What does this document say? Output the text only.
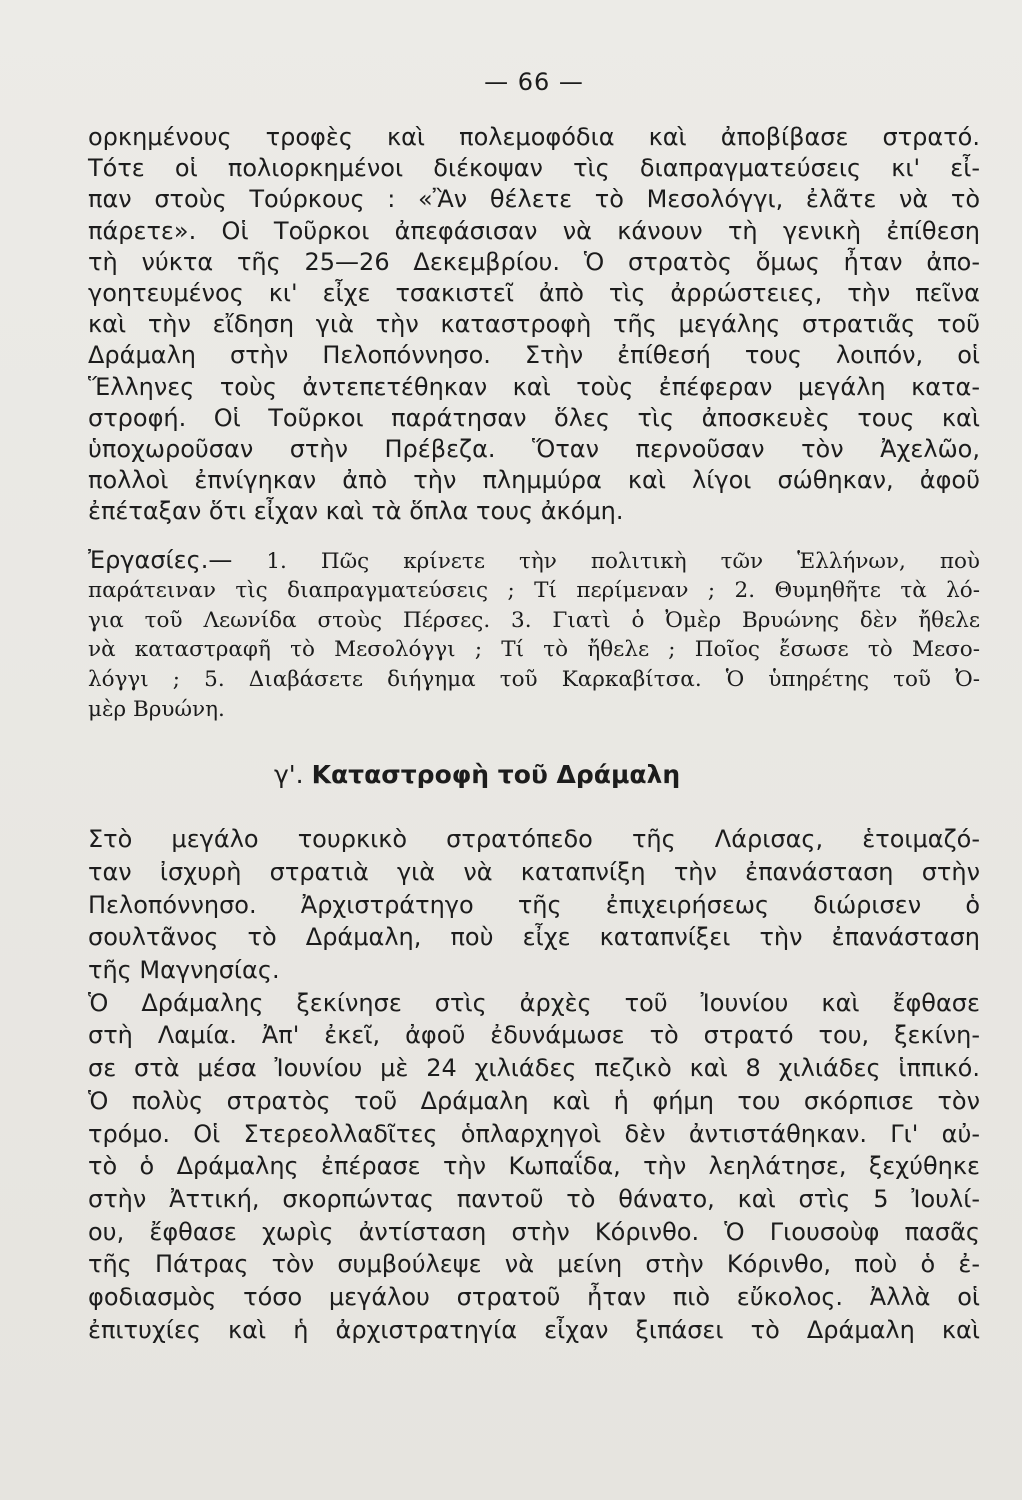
— 66 —
ορκημένους τροφὲς καὶ πολεμοφόδια καὶ ἀποβίβασε στρατό.
Τότε οἱ πολιορκημένοι διέκοψαν τὶς διαπραγματεύσεις κι' εἶ-
παν στοὺς Τούρκους : «Ἂν θέλετε τὸ Μεσολόγγι, ἐλᾶτε νὰ τὸ
πάρετε». Οἱ Τοῦρκοι ἀπεφάσισαν νὰ κάνουν τὴ γενικὴ ἐπίθεση
τὴ νύκτα τῆς 25—26 Δεκεμβρίου. Ὁ στρατὸς ὅμως ἦταν ἀπο-
γοητευμένος κι' εἶχε τσακιστεῖ ἀπὸ τὶς ἀρρώστειες, τὴν πεῖνα
καὶ τὴν εἴδηση γιὰ τὴν καταστροφὴ τῆς μεγάλης στρατιᾶς τοῦ
Δράμαλη στὴν Πελοπόννησο. Στὴν ἐπίθεσή τους λοιπόν, οἱ
Ἕλληνες τοὺς ἀντεπετέθηκαν καὶ τοὺς ἐπέφεραν μεγάλη κατα-
στροφή. Οἱ Τοῦρκοι παράτησαν ὅλες τὶς ἀποσκευὲς τους καὶ
ὑποχωροῦσαν στὴν Πρέβεζα. Ὅταν περνοῦσαν τὸν Ἀχελῶο,
πολλοὶ ἐπνίγηκαν ἀπὸ τὴν πλημμύρα καὶ λίγοι σώθηκαν, ἀφοῦ
ἐπέταξαν ὅτι εἶχαν καὶ τὰ ὅπλα τους ἀκόμη.
Ἐργασίες.— 1. Πῶς κρίνετε τὴν πολιτικὴ τῶν Ἑλλήνων, ποὺ
παράτειναν τὶς διαπραγματεύσεις ; Τί περίμεναν ; 2. Θυμηθῆτε τὰ λό-
για τοῦ Λεωνίδα στοὺς Πέρσες. 3. Γιατὶ ὁ Ὀμὲρ Βρυώνης δὲν ἤθελε
νὰ καταστραφῆ τὸ Μεσολόγγι ; Τί τὸ ἤθελε ; Ποῖος ἔσωσε τὸ Μεσο-
λόγγι ; 5. Διαβάσετε διήγημα τοῦ Καρκαβίτσα. Ὁ ὑπηρέτης τοῦ Ὀ-
μὲρ Βρυώνη.
γ'. Καταστροφὴ τοῦ Δράμαλη
Στὸ μεγάλο τουρκικὸ στρατόπεδο τῆς Λάρισας, ἑτοιμαζό-
ταν ἰσχυρὴ στρατιὰ γιὰ νὰ καταπνίξη τὴν ἐπανάσταση στὴν
Πελοπόννησο. Ἀρχιστράτηγο τῆς ἐπιχειρήσεως διώρισεν ὁ
σουλτᾶνος τὸ Δράμαλη, ποὺ εἶχε καταπνίξει τὴν ἐπανάσταση
τῆς Μαγνησίας.
Ὁ Δράμαλης ξεκίνησε στὶς ἀρχὲς τοῦ Ἰουνίου καὶ ἔφθασε
στὴ Λαμία. Ἀπ' ἐκεῖ, ἀφοῦ ἐδυνάμωσε τὸ στρατό του, ξεκίνη-
σε στὰ μέσα Ἰουνίου μὲ 24 χιλιάδες πεζικὸ καὶ 8 χιλιάδες ἱππικό.
Ὁ πολὺς στρατὸς τοῦ Δράμαλη καὶ ἡ φήμη του σκόρπισε τὸν
τρόμο. Οἱ Στερεολλαδῖτες ὁπλαρχηγοὶ δὲν ἀντιστάθηκαν. Γι' αὐ-
τὸ ὁ Δράμαλης ἐπέρασε τὴν Κωπαΐδα, τὴν λεηλάτησε, ξεχύθηκε
στὴν Ἀττική, σκορπώντας παντοῦ τὸ θάνατο, καὶ στὶς 5 Ἰουλί-
ου, ἔφθασε χωρὶς ἀντίσταση στὴν Κόρινθο. Ὁ Γιουσοὺφ πασᾶς
τῆς Πάτρας τὸν συμβούλεψε νὰ μείνη στὴν Κόρινθο, ποὺ ὁ ἐ-
φοδιασμὸς τόσο μεγάλου στρατοῦ ἦταν πιὸ εὔκολος. Ἀλλὰ οἱ
ἐπιτυχίες καὶ ἡ ἀρχιστρατηγία εἶχαν ξιπάσει τὸ Δράμαλη καὶ
